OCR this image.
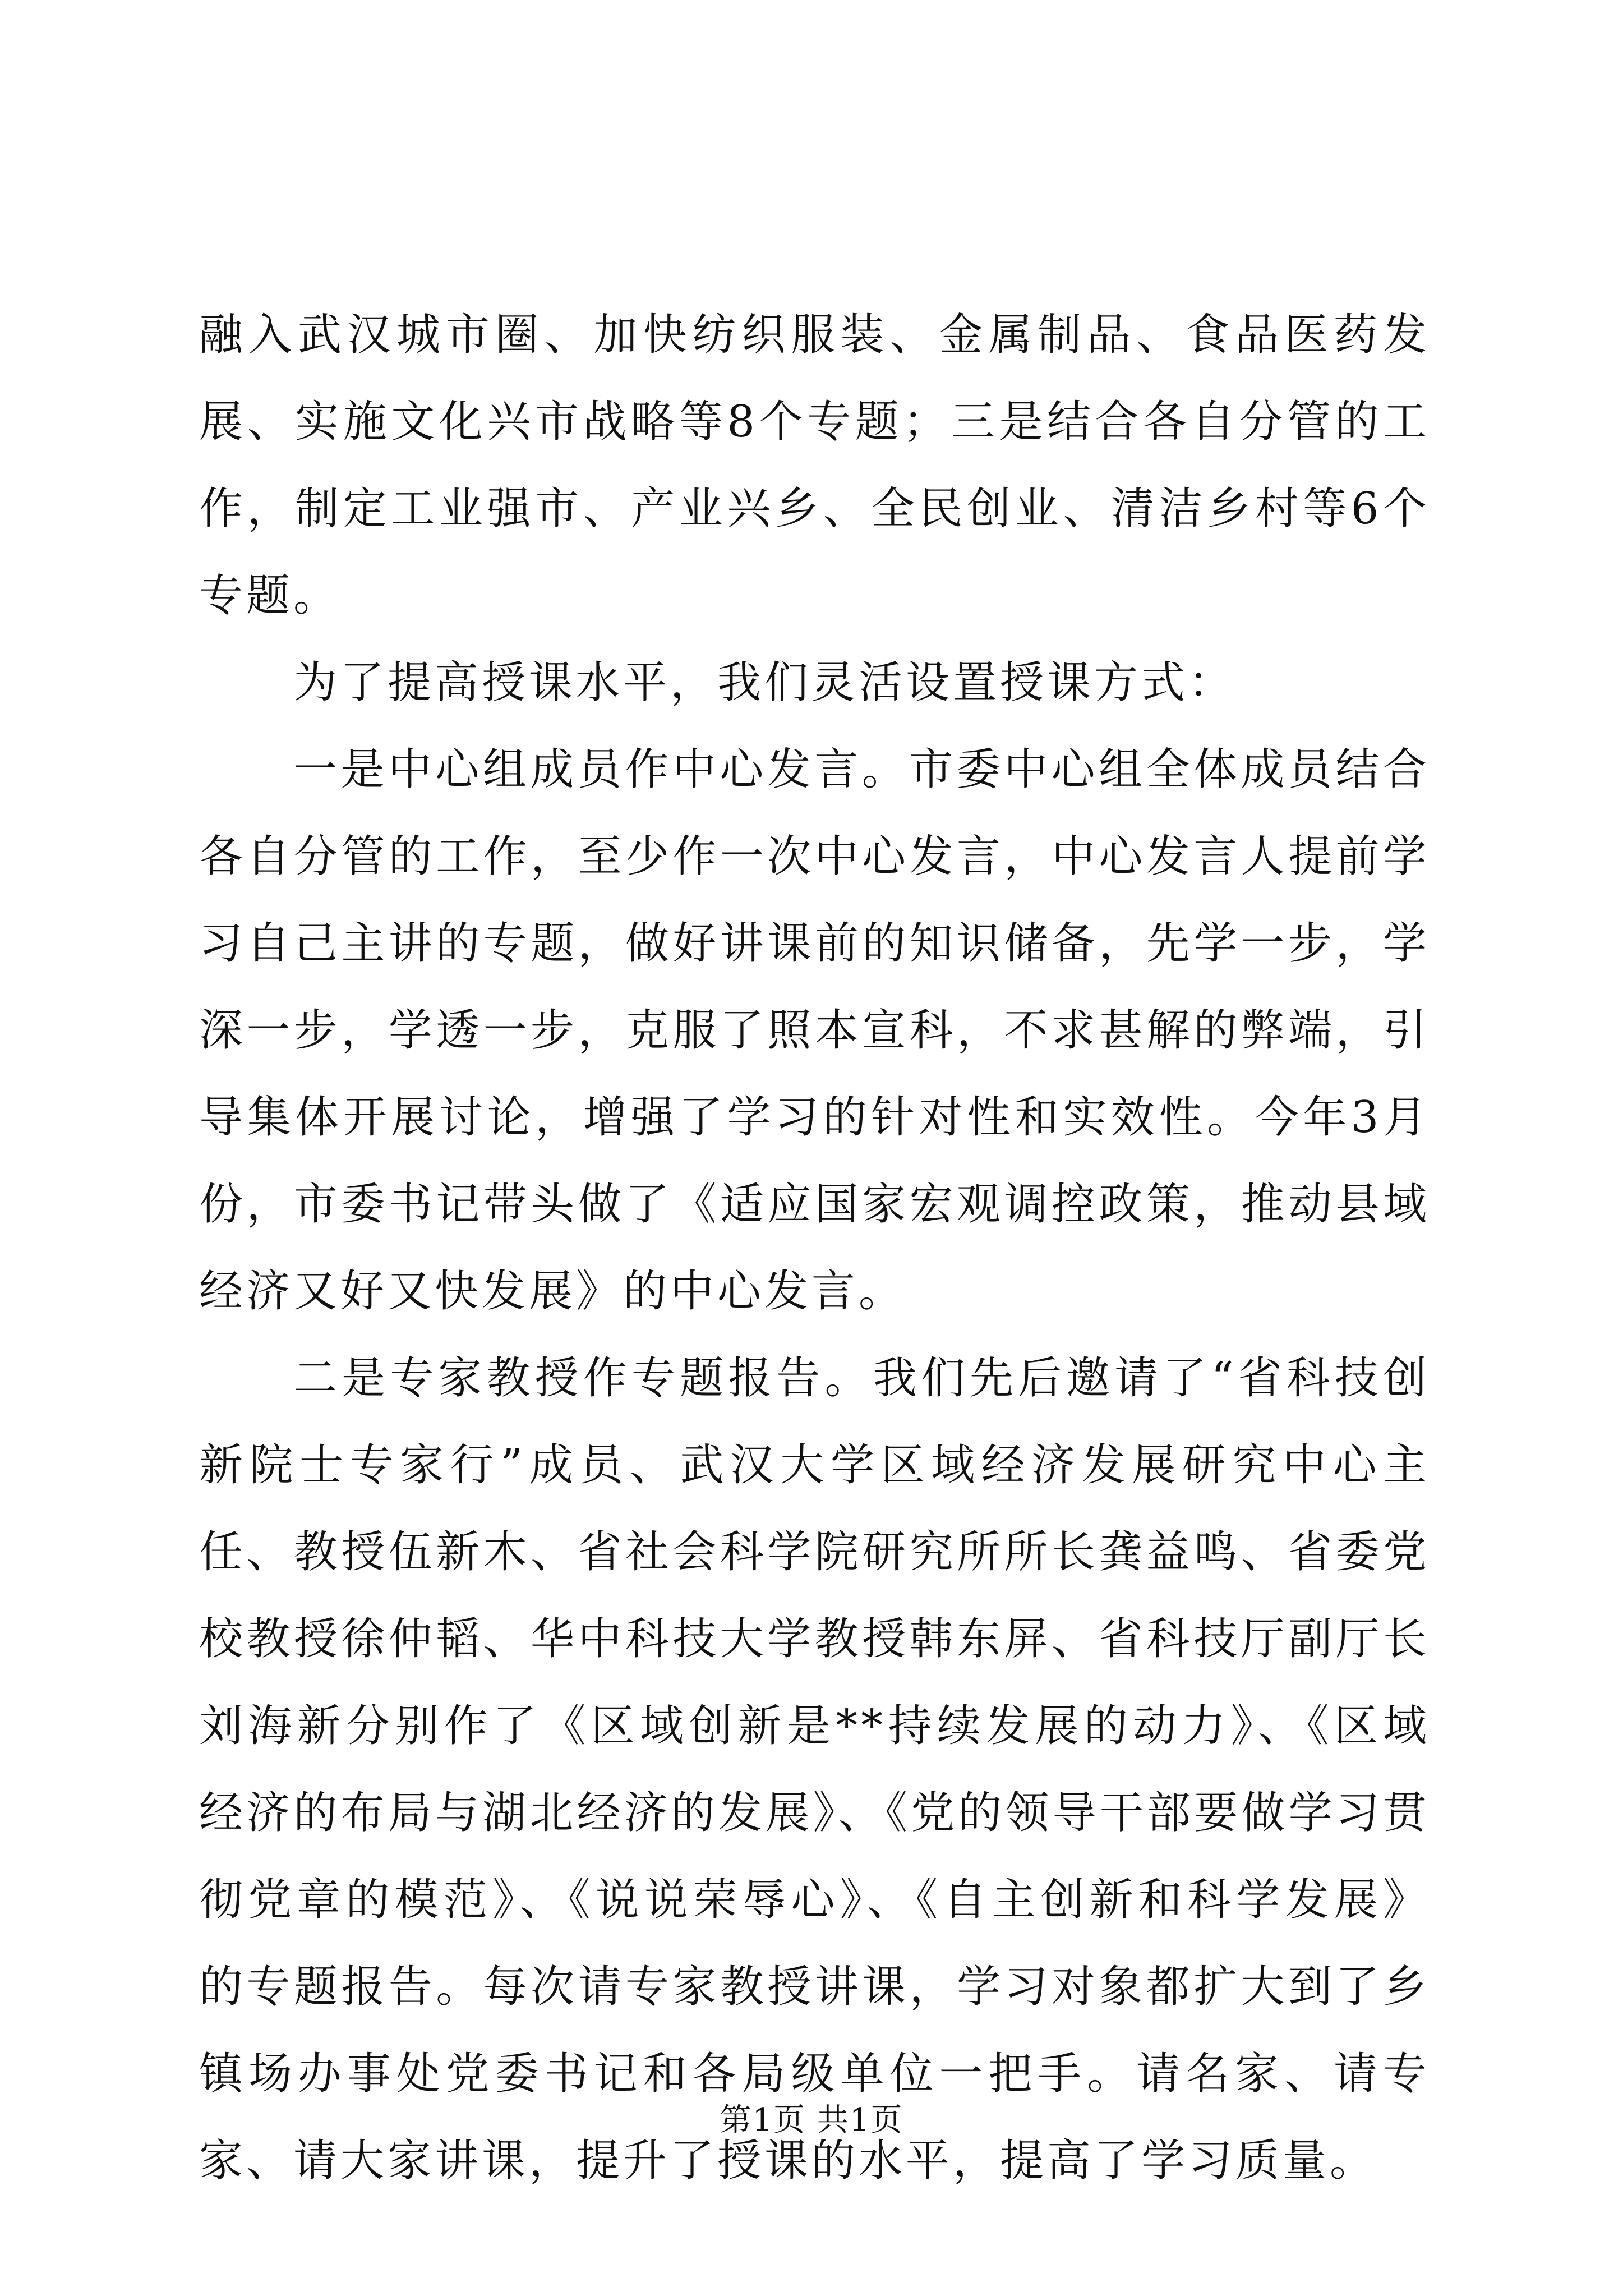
融入武汉城市圈、加快纺织服装、金属制品、食品医药发展、实施文化兴市战略等8个专题；三是结合各自分管的工作，制定工业强市、产业兴乡、全民创业、清洁乡村等6个专题。

为了提高授课水平，我们灵活设置授课方式：

一是中心组成员作中心发言。市委中心组全体成员结合各自分管的工作，至少作一次中心发言，中心发言人提前学习自己主讲的专题，做好讲课前的知识储备，先学一步，学深一步，学透一步，克服了照本宣科，不求甚解的弊端，引导集体开展讨论，增强了学习的针对性和实效性。今年3月份，市委书记带头做了《适应国家宏观调控政策，推动县域经济又好又快发展》的中心发言。

二是专家教授作专题报告。我们先后邀请了“省科技创新院士专家行”成员、武汉大学区域经济发展研究中心主任、教授伍新木、省社会科学院研究所所长龚益鸣、省委党校教授徐仲韬、华中科技大学教授韩东屏、省科技厅副厅长刘海新分别作了《区域创新是**持续发展的动力》、《区域经济的布局与湖北经济的发展》、《党的领导干部要做学习贯彻党章的模范》、《说说荣辱心》、《自主创新和科学发展》的专题报告。每次请专家教授讲课，学习对象都扩大到了乡镇场办事处党委书记和各局级单位一把手。请名家、请专家、请大家讲课，提升了授课的水平，提高了学习质量。

第1页 共1页
